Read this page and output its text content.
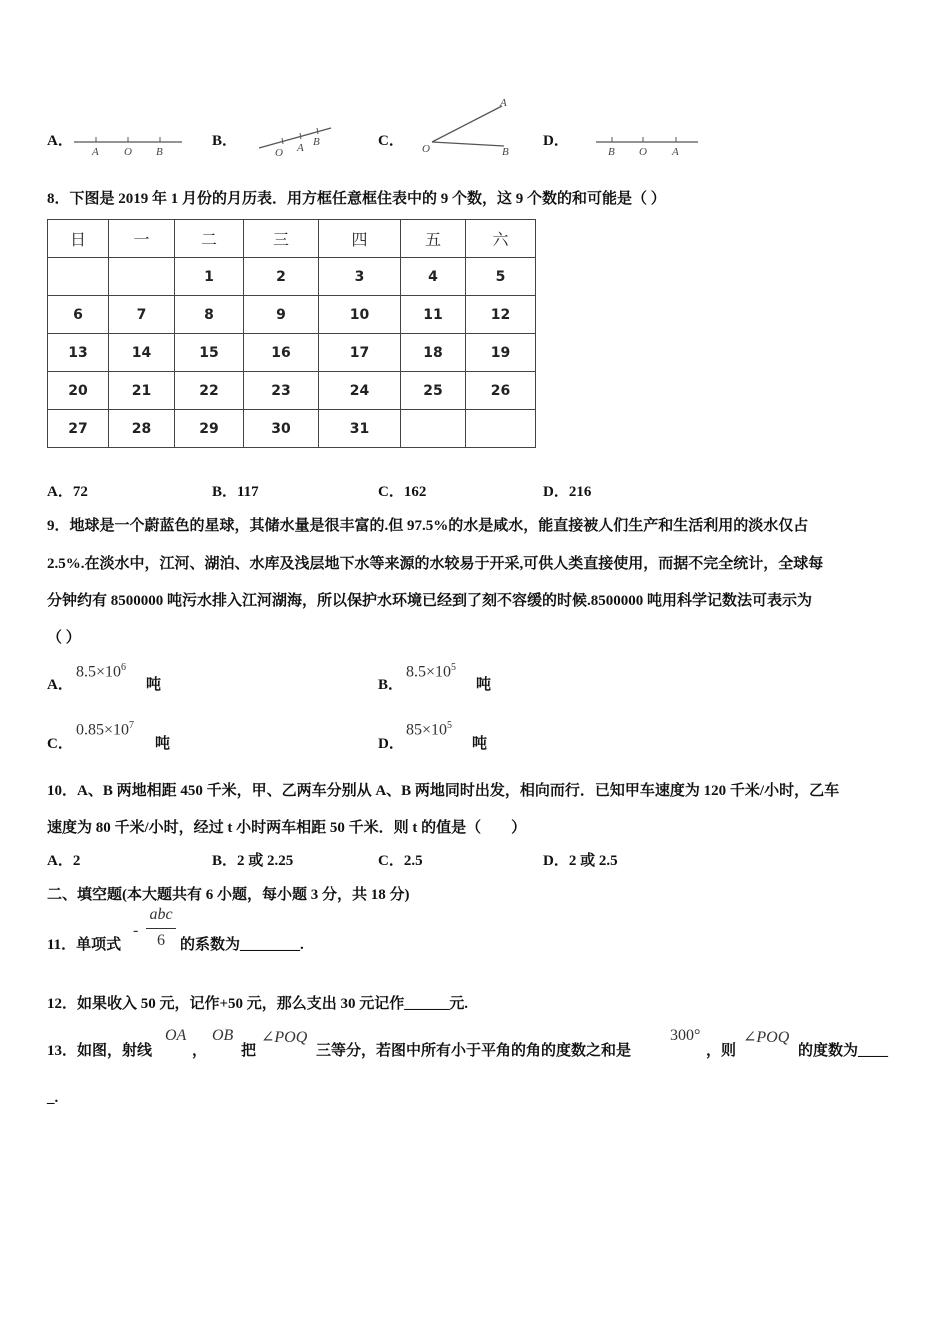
A．
A O B
B．
O A B	C．
A
O	B
D．
B O A
8．下图是 2019 年 1 月份的月历表．用方框任意框住表中的 9 个数，这 9 个数的和可能是（ ）
日	一	二	三	四	五	六
		1	2	3	4	5
6	7	8	9	10	11	12
13	14	15	16	17	18	19
20	21	22	23	24	25	26
27	28	29	30	31		
A．72	B．117	C．162	D．216
9．地球是一个蔚蓝色的星球，其储水量是很丰富的.但 97.5%的水是咸水，能直接被人们生产和生活利用的淡水仅占
2.5%.在淡水中，江河、湖泊、水库及浅层地下水等来源的水较易于开采,可供人类直接使用，而据不完全统计，全球每
分钟约有 8500000 吨污水排入江河湖海，所以保护水环境已经到了刻不容缓的时候.8500000 吨用科学记数法可表示为
（ ）
A．
$8.5\times 10^6$
吨	B．
$8.5\times 10^5$
吨
C．
$0.85\times 10^7$
吨	D．
$85\times 10^5$
吨
10．A、B 两地相距 450 千米，甲、乙两车分别从 A、B 两地同时出发，相向而行．已知甲车速度为 120 千米/小时，乙车
速度为 80 千米/小时，经过 t 小时两车相距 50 千米．则 t 的值是（　　）
A．2	B．2 或 2.25	C．2.5	D．2 或 2.5
二、填空题(本大题共有 6 小题，每小题 3 分，共 18 分)
11．单项式
-
abc
6	的系数为________.
12．如果收入 50 元，记作+50 元，那么支出 30 元记作______元.
13．如图，射线
OA
，
OB
把
∠POQ
三等分，若图中所有小于平角的角的度数之和是
300°
，则
∠POQ
的度数为____
_.
